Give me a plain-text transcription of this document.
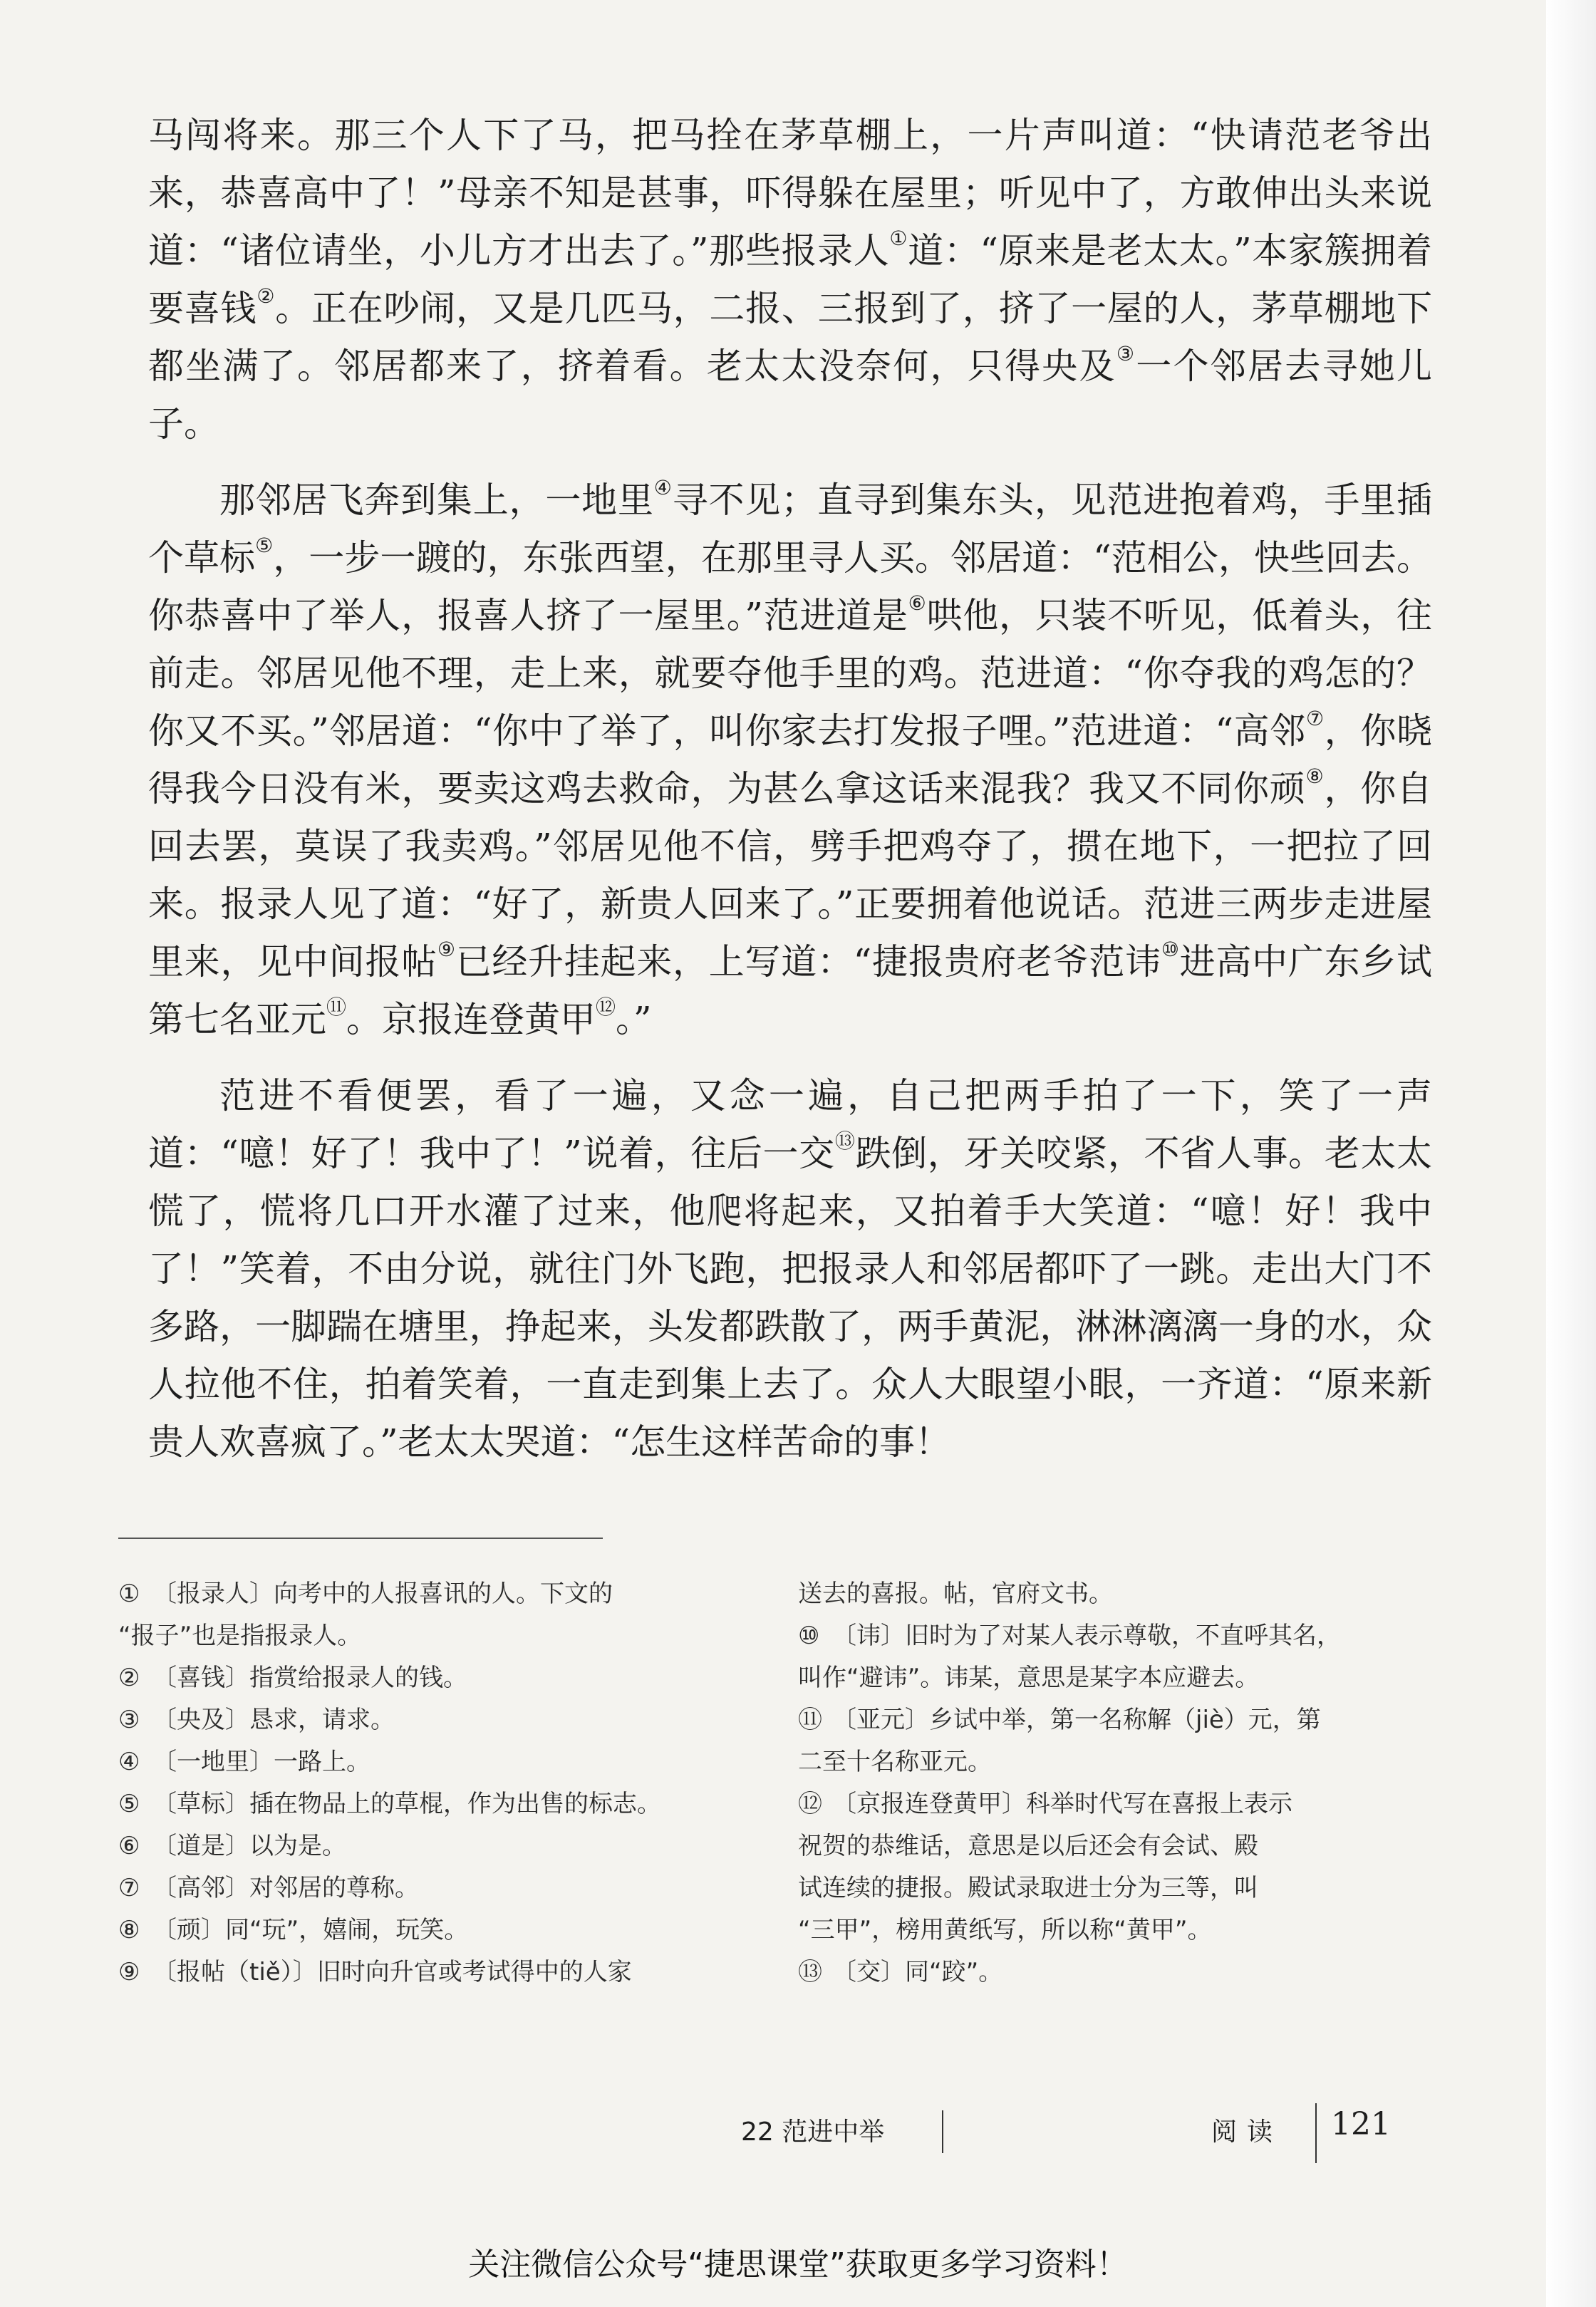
马闯将来。那三个人下了马，把马拴在茅草棚上，一片声叫道：“快请范老爷出来，恭喜高中了！”母亲不知是甚事，吓得躲在屋里；听见中了，方敢伸出头来说道：“诸位请坐，小儿方才出去了。”那些报录人①道：“原来是老太太。”本家簇拥着要喜钱②。正在吵闹，又是几匹马，二报、三报到了，挤了一屋的人，茅草棚地下都坐满了。邻居都来了，挤着看。老太太没奈何，只得央及③一个邻居去寻她儿子。

那邻居飞奔到集上，一地里④寻不见；直寻到集东头，见范进抱着鸡，手里插个草标⑤，一步一踱的，东张西望，在那里寻人买。邻居道：“范相公，快些回去。你恭喜中了举人，报喜人挤了一屋里。”范进道是⑥哄他，只装不听见，低着头，往前走。邻居见他不理，走上来，就要夺他手里的鸡。范进道：“你夺我的鸡怎的？你又不买。”邻居道：“你中了举了，叫你家去打发报子哩。”范进道：“高邻⑦，你晓得我今日没有米，要卖这鸡去救命，为甚么拿这话来混我？我又不同你顽⑧，你自回去罢，莫误了我卖鸡。”邻居见他不信，劈手把鸡夺了，掼在地下，一把拉了回来。报录人见了道：“好了，新贵人回来了。”正要拥着他说话。范进三两步走进屋里来，见中间报帖⑨已经升挂起来，上写道：“捷报贵府老爷范讳⑩进高中广东乡试第七名亚元⑪。京报连登黄甲⑫。”

范进不看便罢，看了一遍，又念一遍，自己把两手拍了一下，笑了一声道：“噫！好了！我中了！”说着，往后一交⑬跌倒，牙关咬紧，不省人事。老太太慌了，慌将几口开水灌了过来，他爬将起来，又拍着手大笑道：“噫！好！我中了！”笑着，不由分说，就往门外飞跑，把报录人和邻居都吓了一跳。走出大门不多路，一脚踹在塘里，挣起来，头发都跌散了，两手黄泥，淋淋漓漓一身的水，众人拉他不住，拍着笑着，一直走到集上去了。众人大眼望小眼，一齐道：“原来新贵人欢喜疯了。”老太太哭道：“怎生这样苦命的事！

① 〔报录人〕向考中的人报喜讯的人。下文的
“报子”也是指报录人。
② 〔喜钱〕指赏给报录人的钱。
③ 〔央及〕恳求，请求。
④ 〔一地里〕一路上。
⑤ 〔草标〕插在物品上的草棍，作为出售的标志。
⑥ 〔道是〕以为是。
⑦ 〔高邻〕对邻居的尊称。
⑧ 〔顽〕同“玩”，嬉闹，玩笑。
⑨ 〔报帖（tiě）〕旧时向升官或考试得中的人家
送去的喜报。帖，官府文书。
⑩ 〔讳〕旧时为了对某人表示尊敬，不直呼其名，
叫作“避讳”。讳某，意思是某字本应避去。
⑪ 〔亚元〕乡试中举，第一名称解（jiè）元，第
二至十名称亚元。
⑫ 〔京报连登黄甲〕科举时代写在喜报上表示
祝贺的恭维话，意思是以后还会有会试、殿
试连续的捷报。殿试录取进士分为三等，叫
“三甲”，榜用黄纸写，所以称“黄甲”。
⑬ 〔交〕同“跤”。
22 范进中举	阅读 121
关注微信公众号“捷思课堂”获取更多学习资料！
